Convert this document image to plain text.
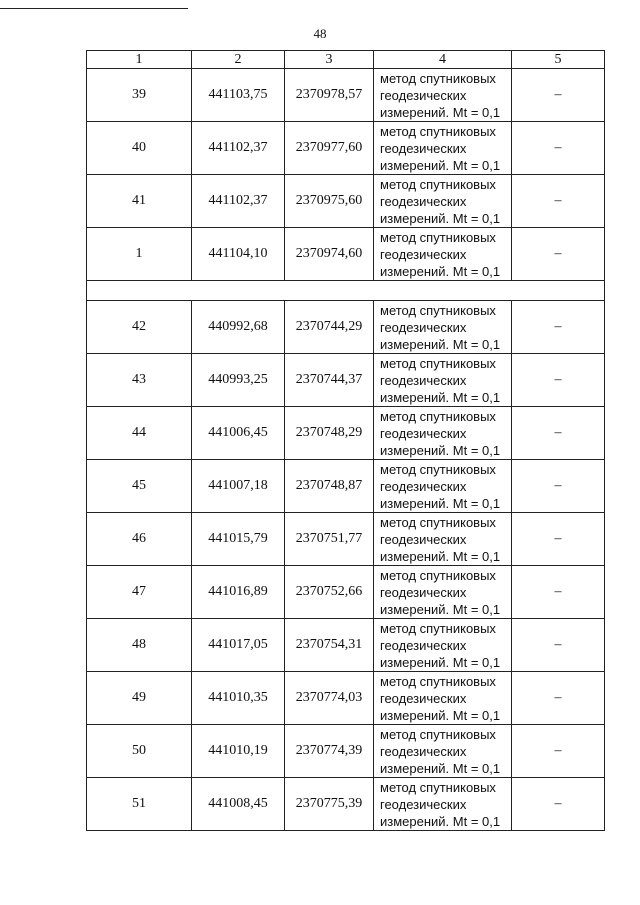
48
1	2	3	4	5
39	441103,75	2370978,57	метод спутниковых
геодезических
измерений. Mt = 0,1	–
40	441102,37	2370977,60	метод спутниковых
геодезических
измерений. Mt = 0,1	–
41	441102,37	2370975,60	метод спутниковых
геодезических
измерений. Mt = 0,1	–
1	441104,10	2370974,60	метод спутниковых
геодезических
измерений. Mt = 0,1	–

42	440992,68	2370744,29	метод спутниковых
геодезических
измерений. Mt = 0,1	–
43	440993,25	2370744,37	метод спутниковых
геодезических
измерений. Mt = 0,1	–
44	441006,45	2370748,29	метод спутниковых
геодезических
измерений. Mt = 0,1	–
45	441007,18	2370748,87	метод спутниковых
геодезических
измерений. Mt = 0,1	–
46	441015,79	2370751,77	метод спутниковых
геодезических
измерений. Mt = 0,1	–
47	441016,89	2370752,66	метод спутниковых
геодезических
измерений. Mt = 0,1	–
48	441017,05	2370754,31	метод спутниковых
геодезических
измерений. Mt = 0,1	–
49	441010,35	2370774,03	метод спутниковых
геодезических
измерений. Mt = 0,1	–
50	441010,19	2370774,39	метод спутниковых
геодезических
измерений. Mt = 0,1	–
51	441008,45	2370775,39	метод спутниковых
геодезических
измерений. Mt = 0,1	–
